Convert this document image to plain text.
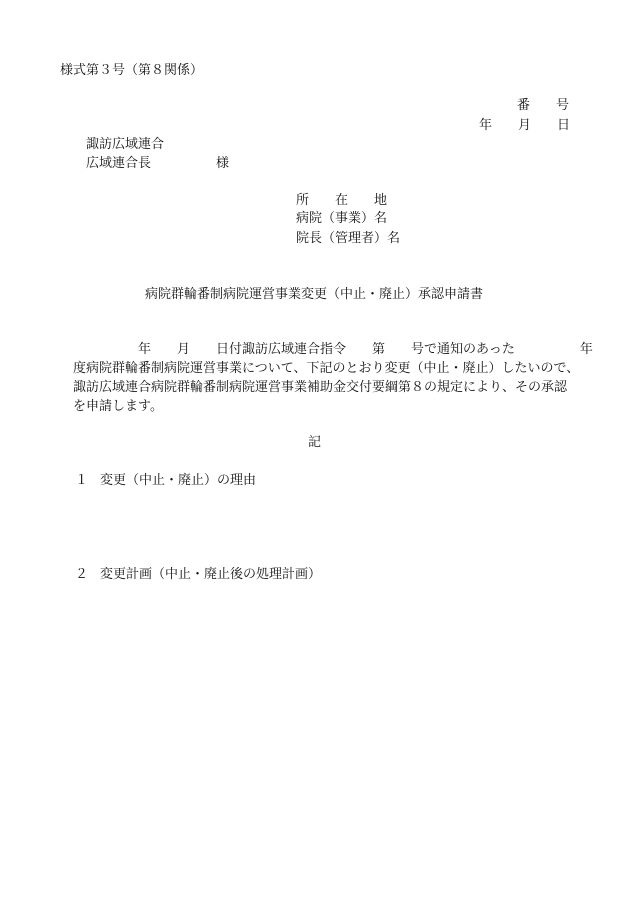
様式第３号（第８関係）
番　　号
年　　月　　日
諏訪広域連合
広域連合長　　　　　様
所　　在　　地
病院（事業）名
院長（管理者）名
病院群輪番制病院運営事業変更（中止・廃止）承認申請書
　　　　　年　　月　　日付諏訪広域連合指令　　第　　号で通知のあった　　　　　年
度病院群輪番制病院運営事業について、下記のとおり変更（中止・廃止）したいので、
諏訪広域連合病院群輪番制病院運営事業補助金交付要綱第８の規定により、その承認
を申請します。
記
１ 変更（中止・廃止）の理由
２ 変更計画（中止・廃止後の処理計画）
